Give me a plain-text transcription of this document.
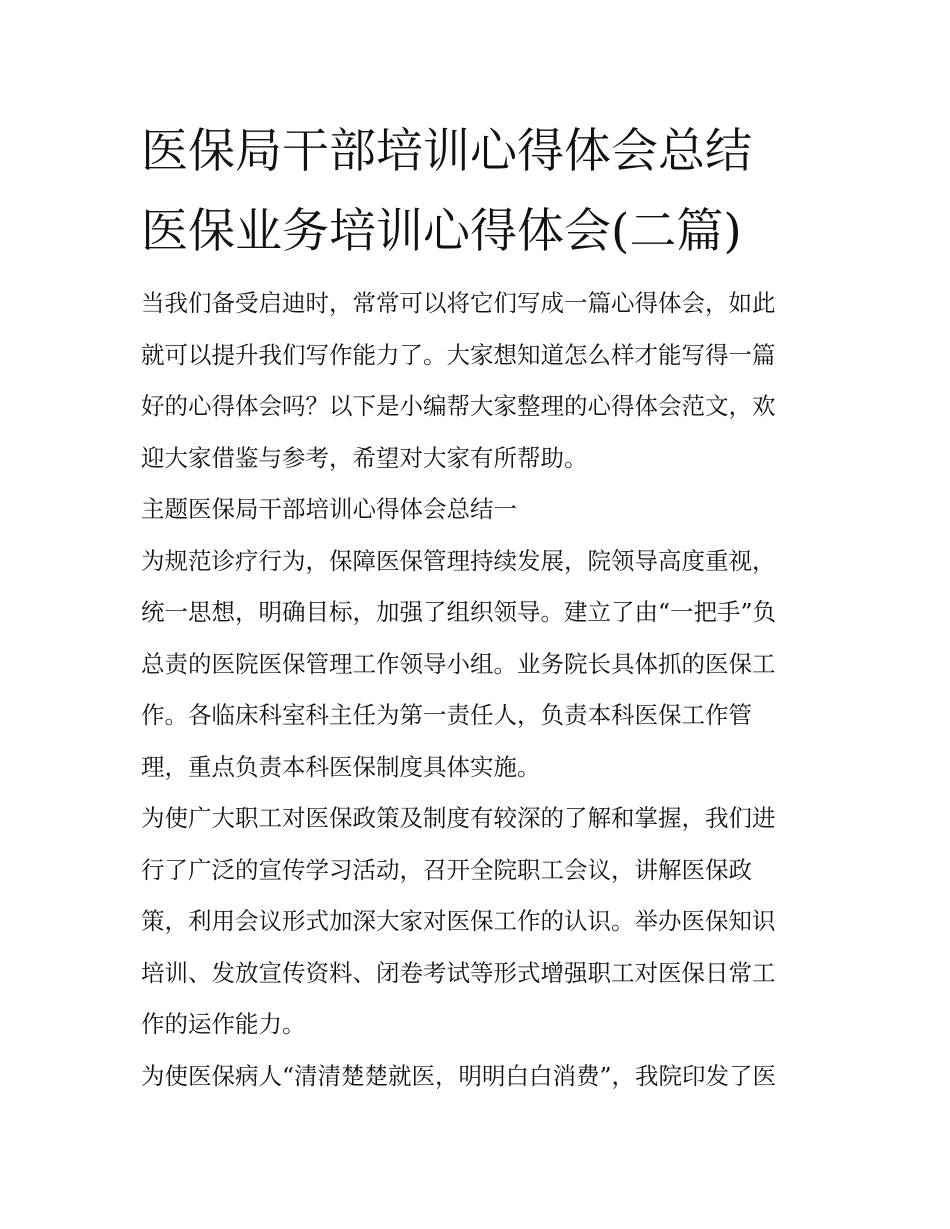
医保局干部培训心得体会总结
医保业务培训心得体会(二篇)
当我们备受启迪时，常常可以将它们写成一篇心得体会，如此
就可以提升我们写作能力了。大家想知道怎么样才能写得一篇
好的心得体会吗？以下是小编帮大家整理的心得体会范文，欢
迎大家借鉴与参考，希望对大家有所帮助。
主题医保局干部培训心得体会总结一
为规范诊疗行为，保障医保管理持续发展，院领导高度重视，
统一思想，明确目标，加强了组织领导。建立了由“一把手”负
总责的医院医保管理工作领导小组。业务院长具体抓的医保工
作。各临床科室科主任为第一责任人，负责本科医保工作管
理，重点负责本科医保制度具体实施。
为使广大职工对医保政策及制度有较深的了解和掌握，我们进
行了广泛的宣传学习活动，召开全院职工会议，讲解医保政
策，利用会议形式加深大家对医保工作的认识。举办医保知识
培训、发放宣传资料、闭卷考试等形式增强职工对医保日常工
作的运作能力。
为使医保病人“清清楚楚就医，明明白白消费”，我院印发了医
